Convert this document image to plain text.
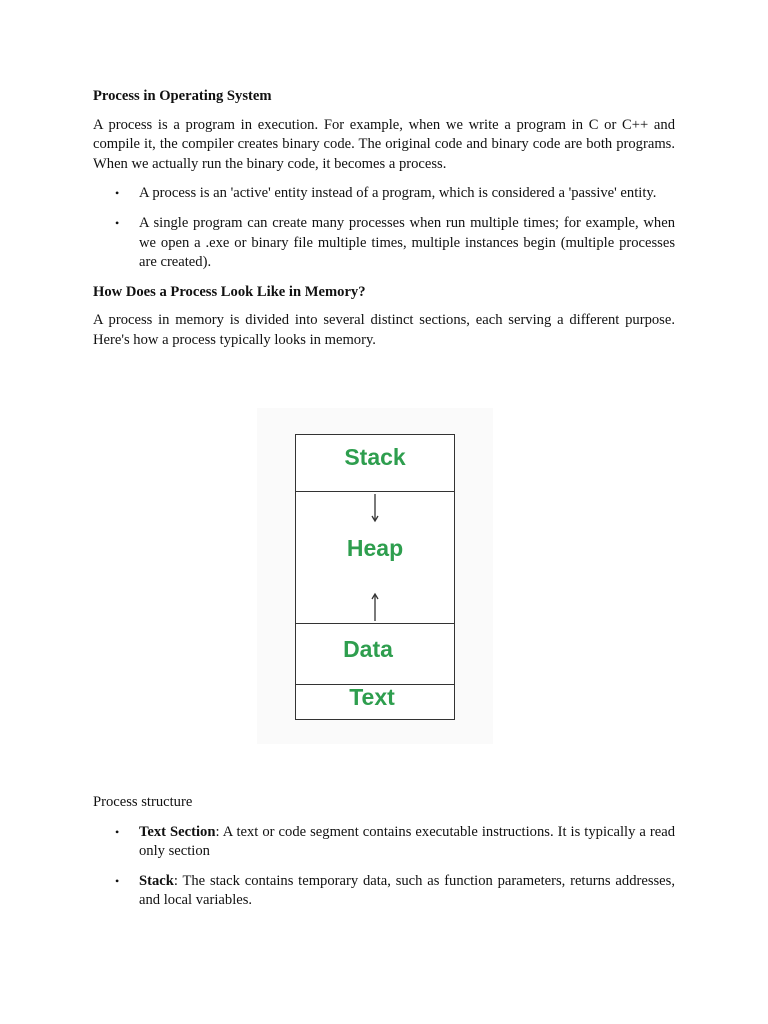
Process in Operating System

A process is a program in execution. For example, when we write a program in C or C++ and compile it, the compiler creates binary code. The original code and binary code are both programs. When we actually run the binary code, it becomes a process.

• A process is an 'active' entity instead of a program, which is considered a 'passive' entity.
• A single program can create many processes when run multiple times; for example, when we open a .exe or binary file multiple times, multiple instances begin (multiple processes are created).
How Does a Process Look Like in Memory?

A process in memory is divided into several distinct sections, each serving a different purpose. Here's how a process typically looks in memory.

Stack
Heap
Data
Text

Process structure

• Text Section: A text or code segment contains executable instructions. It is typically a read only section
• Stack: The stack contains temporary data, such as function parameters, returns addresses, and local variables.
